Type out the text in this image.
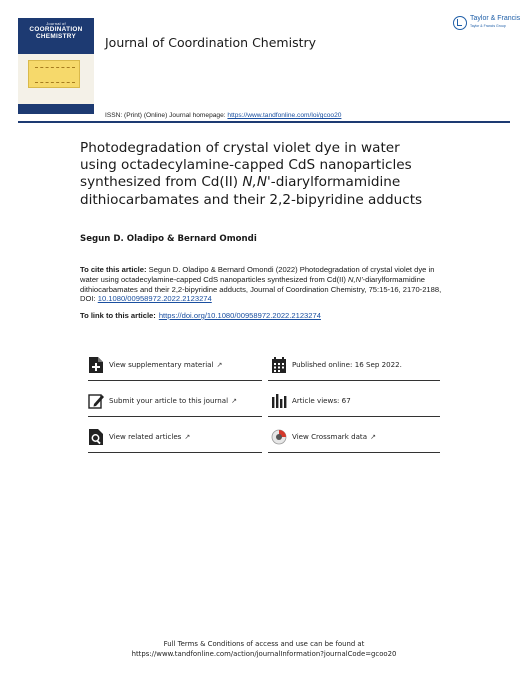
Journal of
COORDINATION
CHEMISTRY	Journal of Coordination Chemistry
Taylor & Francis
Taylor & Francis Group
ISSN: (Print) (Online) Journal homepage: https://www.tandfonline.com/loi/gcoo20
Photodegradation of crystal violet dye in water
using octadecylamine-capped CdS nanoparticles
synthesized from Cd(II) N,N'-diarylformamidine
dithiocarbamates and their 2,2-bipyridine adducts
Segun D. Oladipo & Bernard Omondi
To cite this article: Segun D. Oladipo & Bernard Omondi (2022) Photodegradation of crystal violet dye in water using octadecylamine-capped CdS nanoparticles synthesized from Cd(II) N,N'-diarylformamidine dithiocarbamates and their 2,2-bipyridine adducts, Journal of Coordination Chemistry, 75:15-16, 2170-2188, DOI: 10.1080/00958972.2022.2123274
To link to this article: https://doi.org/10.1080/00958972.2022.2123274
View supplementary material ↗	Published online: 16 Sep 2022.
Submit your article to this journal ↗	Article views: 67
View related articles ↗	View Crossmark data ↗
Full Terms & Conditions of access and use can be found at
https://www.tandfonline.com/action/journalInformation?journalCode=gcoo20
